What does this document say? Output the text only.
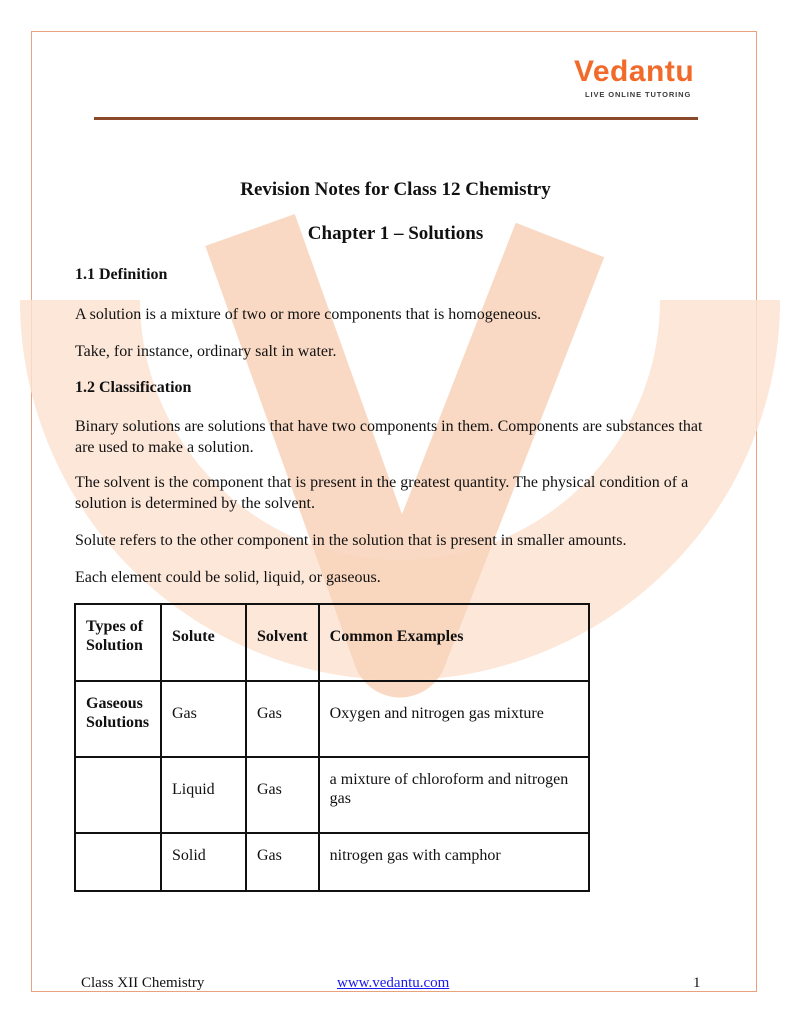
Vedantu
LIVE ONLINE TUTORING
Revision Notes for Class 12 Chemistry
Chapter 1 – Solutions
1.1 Definition
A solution is a mixture of two or more components that is homogeneous.
Take, for instance, ordinary salt in water.
1.2 Classification
Binary solutions are solutions that have two components in them. Components are substances that are used to make a solution.
The solvent is the component that is present in the greatest quantity. The physical condition of a solution is determined by the solvent.
Solute refers to the other component in the solution that is present in smaller amounts.
Each element could be solid, liquid, or gaseous.
Types of Solution	Solute	Solvent	Common Examples
Gaseous Solutions	Gas	Gas	Oxygen and nitrogen gas mixture
	Liquid	Gas	a mixture of chloroform and nitrogen gas
	Solid	Gas	nitrogen gas with camphor
Class XII Chemistry	www.vedantu.com	1
